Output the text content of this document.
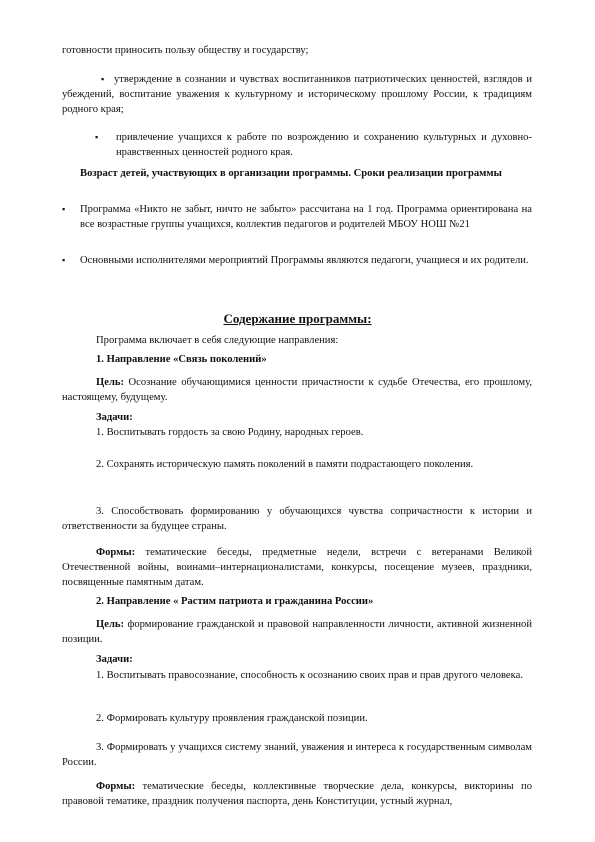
готовности приносить пользу обществу и государству;

▪ утверждение в сознании и чувствах воспитанников патриотических ценностей, взглядов и убеждений, воспитание уважения к культурному и историческому прошлому России, к традициям родного края;

▪ привлечение учащихся к работе по возрождению и сохранению культурных и духовно-нравственных ценностей родного края.

Возраст детей, участвующих в организации программы. Сроки реализации программы

▪ Программа «Никто не забыт, ничто не забыто» рассчитана на 1 год. Программа ориентирована на все возрастные группы учащихся, коллектив педагогов и родителей МБОУ НОШ №21

▪ Основными исполнителями мероприятий Программы являются педагоги, учащиеся и их родители.

Содержание программы:

Программа включает в себя следующие направления:

1. Направление «Связь поколений»

Цель: Осознание обучающимися ценности причастности к судьбе Отечества, его прошлому, настоящему, будущему.

Задачи:

1. Воспитывать гордость за свою Родину, народных героев.

2. Сохранять историческую память поколений в памяти подрастающего поколения.

3. Способствовать формированию у обучающихся чувства сопричастности к истории и ответственности за будущее страны.

Формы: тематические беседы, предметные недели, встречи с ветеранами Великой Отечественной войны, воинами–интернационалистами, конкурсы, посещение музеев, праздники, посвященные памятным датам.

2. Направление « Растим патриота и гражданина России»

Цель: формирование гражданской и правовой направленности личности, активной жизненной позиции.

Задачи:

1. Воспитывать правосознание, способность к осознанию своих прав и прав другого человека.

2. Формировать культуру проявления гражданской позиции.

3. Формировать у учащихся систему знаний, уважения и интереса к государственным символам России.

Формы: тематические беседы, коллективные творческие дела, конкурсы, викторины по правовой тематике, праздник получения паспорта, день Конституции, устный журнал,
